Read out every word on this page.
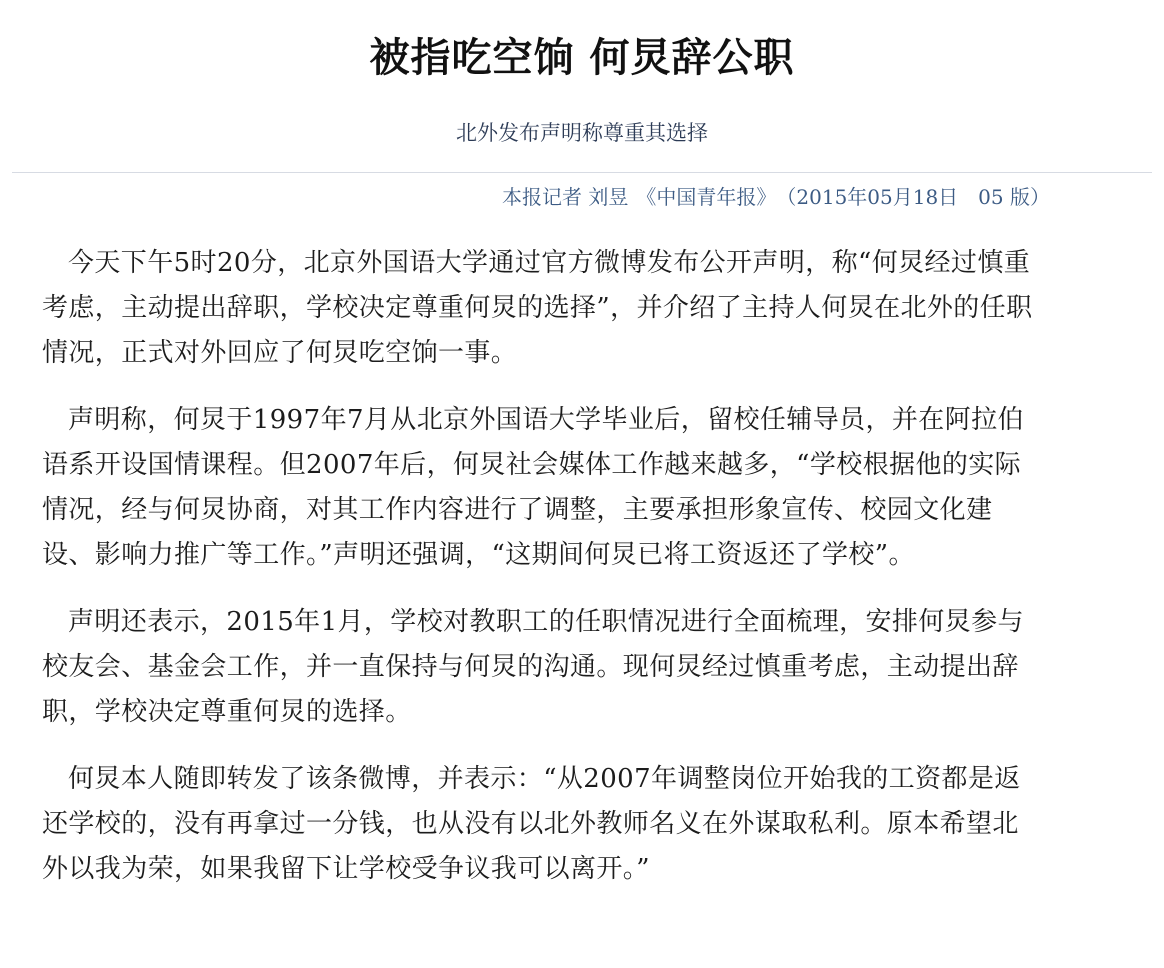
被指吃空饷 何炅辞公职

北外发布声明称尊重其选择

本报记者 刘昱 《中国青年报》 （2015年05月18日　05 版）

今天下午5时20分，北京外国语大学通过官方微博发布公开声明，称“何炅经过慎重考虑，主动提出辞职，学校决定尊重何炅的选择”，并介绍了主持人何炅在北外的任职情况，正式对外回应了何炅吃空饷一事。

声明称，何炅于1997年7月从北京外国语大学毕业后，留校任辅导员，并在阿拉伯语系开设国情课程。但2007年后，何炅社会媒体工作越来越多，“学校根据他的实际情况，经与何炅协商，对其工作内容进行了调整，主要承担形象宣传、校园文化建设、影响力推广等工作。”声明还强调，“这期间何炅已将工资返还了学校”。

声明还表示，2015年1月，学校对教职工的任职情况进行全面梳理，安排何炅参与校友会、基金会工作，并一直保持与何炅的沟通。现何炅经过慎重考虑，主动提出辞职，学校决定尊重何炅的选择。

何炅本人随即转发了该条微博，并表示：“从2007年调整岗位开始我的工资都是返还学校的，没有再拿过一分钱，也从没有以北外教师名义在外谋取私利。原本希望北外以我为荣，如果我留下让学校受争议我可以离开。”
